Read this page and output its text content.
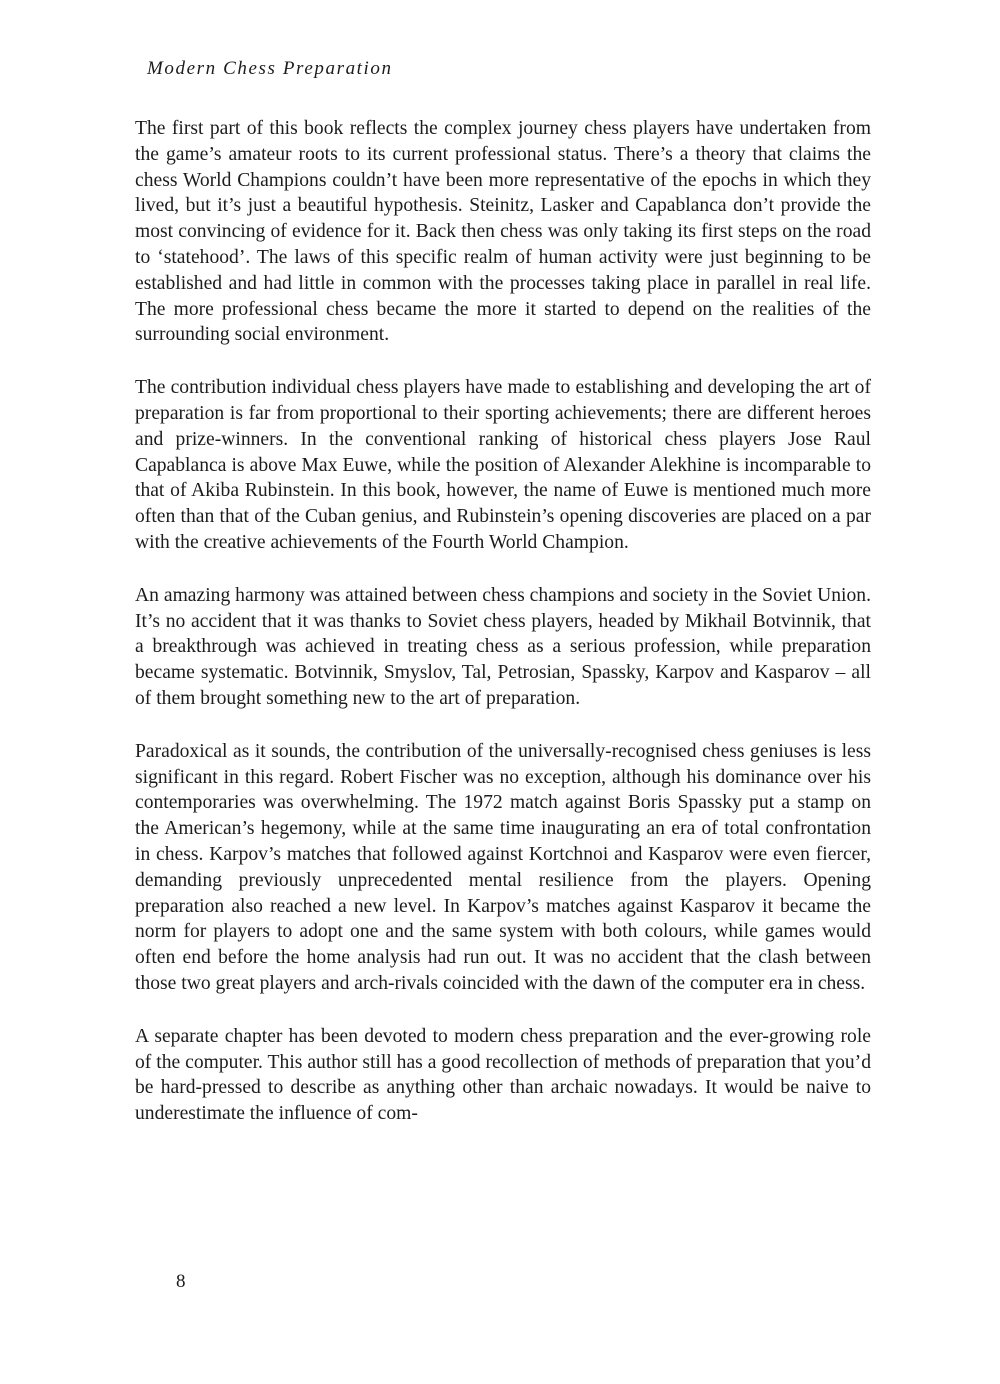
Modern Chess Preparation

The first part of this book reflects the complex journey chess players have undertaken from the game’s amateur roots to its current professional status. There’s a theory that claims the chess World Champions couldn’t have been more representative of the epochs in which they lived, but it’s just a beautiful hypothesis. Steinitz, Lasker and Capablanca don’t provide the most convincing of evidence for it. Back then chess was only taking its first steps on the road to ‘statehood’. The laws of this specific realm of human activity were just beginning to be established and had little in common with the processes taking place in parallel in real life. The more professional chess became the more it started to depend on the realities of the surrounding social environment.

The contribution individual chess players have made to establishing and developing the art of preparation is far from proportional to their sporting achievements; there are different heroes and prize-winners. In the conventional ranking of historical chess players Jose Raul Capablanca is above Max Euwe, while the position of Alexander Alekhine is incomparable to that of Akiba Rubinstein. In this book, however, the name of Euwe is mentioned much more often than that of the Cuban genius, and Rubinstein’s opening discoveries are placed on a par with the creative achievements of the Fourth World Champion.

An amazing harmony was attained between chess champions and society in the Soviet Union. It’s no accident that it was thanks to Soviet chess players, headed by Mikhail Botvinnik, that a breakthrough was achieved in treating chess as a serious profession, while preparation became systematic. Botvinnik, Smyslov, Tal, Petrosian, Spassky, Karpov and Kasparov – all of them brought something new to the art of preparation.

Paradoxical as it sounds, the contribution of the universally-recognised chess geniuses is less significant in this regard. Robert Fischer was no exception, although his dominance over his contemporaries was overwhelming. The 1972 match against Boris Spassky put a stamp on the American’s hegemony, while at the same time inaugurating an era of total confrontation in chess. Karpov’s matches that followed against Kortchnoi and Kasparov were even fiercer, demanding previously unprecedented mental resilience from the players. Opening preparation also reached a new level. In Karpov’s matches against Kasparov it became the norm for players to adopt one and the same system with both colours, while games would often end before the home analysis had run out. It was no accident that the clash between those two great players and arch-rivals coincided with the dawn of the computer era in chess.

A separate chapter has been devoted to modern chess preparation and the ever-growing role of the computer. This author still has a good recollection of methods of preparation that you’d be hard-pressed to describe as anything other than archaic nowadays. It would be naive to underestimate the influence of com-

8
